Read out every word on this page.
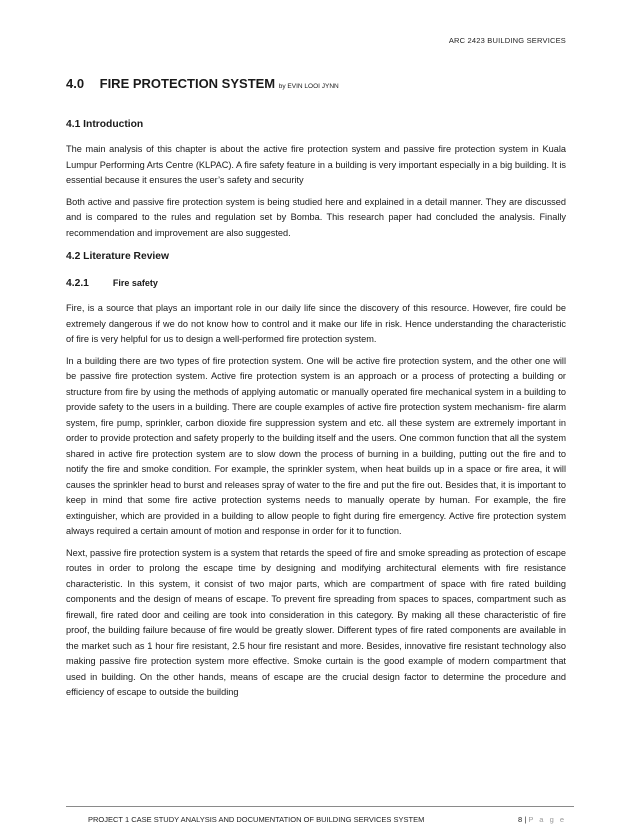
ARC 2423 BUILDING SERVICES
4.0 FIRE PROTECTION SYSTEM by EVIN LOOI JYNN
4.1 Introduction

The main analysis of this chapter is about the active fire protection system and passive fire protection system in Kuala Lumpur Performing Arts Centre (KLPAC). A fire safety feature in a building is very important especially in a big building. It is essential because it ensures the user’s safety and security

Both active and passive fire protection system is being studied here and explained in a detail manner. They are discussed and is compared to the rules and regulation set by Bomba. This research paper had concluded the analysis. Finally recommendation and improvement are also suggested.

4.2 Literature Review
4.2.1	Fire safety

Fire, is a source that plays an important role in our daily life since the discovery of this resource. However, fire could be extremely dangerous if we do not know how to control and it make our life in risk. Hence understanding the characteristic of fire is very helpful for us to design a well-performed fire protection system.

In a building there are two types of fire protection system. One will be active fire protection system, and the other one will be passive fire protection system. Active fire protection system is an approach or a process of protecting a building or structure from fire by using the methods of applying automatic or manually operated fire mechanical system in a building to provide safety to the users in a building. There are couple examples of active fire protection system mechanism- fire alarm system, fire pump, sprinkler, carbon dioxide fire suppression system and etc. all these system are extremely important in order to provide protection and safety properly to the building itself and the users. One common function that all the system shared in active fire protection system are to slow down the process of burning in a building, putting out the fire and to notify the fire and smoke condition. For example, the sprinkler system, when heat builds up in a space or fire area, it will causes the sprinkler head to burst and releases spray of water to the fire and put the fire out. Besides that, it is important to keep in mind that some fire active protection systems needs to manually operate by human. For example, the fire extinguisher, which are provided in a building to allow people to fight during fire emergency. Active fire protection system always required a certain amount of motion and response in order for it to function.

Next, passive fire protection system is a system that retards the speed of fire and smoke spreading as protection of escape routes in order to prolong the escape time by designing and modifying architectural elements with fire resistance characteristic. In this system, it consist of two major parts, which are compartment of space with fire rated building components and the design of means of escape. To prevent fire spreading from spaces to spaces, compartment such as firewall, fire rated door and ceiling are took into consideration in this category. By making all these characteristic of fire proof, the building failure because of fire would be greatly slower. Different types of fire rated components are available in the market such as 1 hour fire resistant, 2.5 hour fire resistant and more. Besides, innovative fire resistant technology also making passive fire protection system more effective. Smoke curtain is the good example of modern compartment that used in building. On the other hands, means of escape are the crucial design factor to determine the procedure and efficiency of escape to outside the building

PROJECT 1 CASE STUDY ANALYSIS AND DOCUMENTATION OF BUILDING SERVICES SYSTEM	8 | P a g e
